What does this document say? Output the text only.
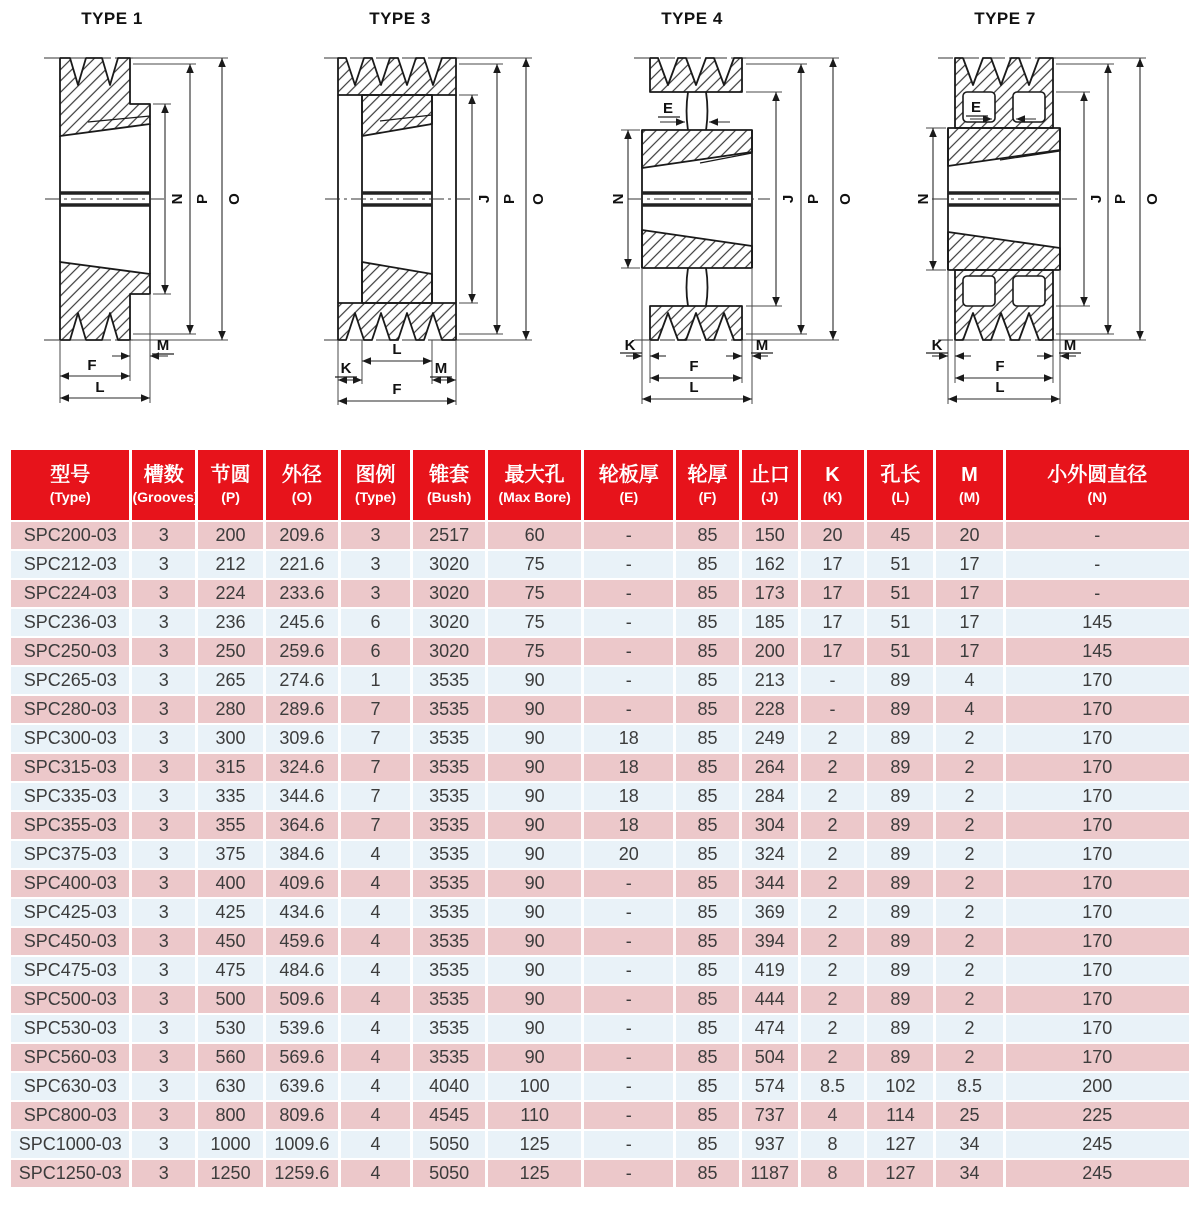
TYPE 1
N P O
M
F
L
TYPE 3
J P O
L
K	M
F
TYPE 4
E
N	J P O
K	M
F
L
TYPE 7
E
N	J P O
K	M
F
L
型号
(Type)

槽数
(Grooves)

节圆
(P)

外径
(O)

图例
(Type)

锥套
(Bush)

最大孔
(Max Bore)

轮板厚
(E)

轮厚
(F)

止口
(J)

K
(K)

孔长
(L)

M
(M)

小外圆直径
(N)

SPC200-03	3	200	209.6	3	2517	60	-	85	150	20	45	20	-
SPC212-03	3	212	221.6	3	3020	75	-	85	162	17	51	17	-
SPC224-03	3	224	233.6	3	3020	75	-	85	173	17	51	17	-
SPC236-03	3	236	245.6	6	3020	75	-	85	185	17	51	17	145
SPC250-03	3	250	259.6	6	3020	75	-	85	200	17	51	17	145
SPC265-03	3	265	274.6	1	3535	90	-	85	213	-	89	4	170
SPC280-03	3	280	289.6	7	3535	90	-	85	228	-	89	4	170
SPC300-03	3	300	309.6	7	3535	90	18	85	249	2	89	2	170
SPC315-03	3	315	324.6	7	3535	90	18	85	264	2	89	2	170
SPC335-03	3	335	344.6	7	3535	90	18	85	284	2	89	2	170
SPC355-03	3	355	364.6	7	3535	90	18	85	304	2	89	2	170
SPC375-03	3	375	384.6	4	3535	90	20	85	324	2	89	2	170
SPC400-03	3	400	409.6	4	3535	90	-	85	344	2	89	2	170
SPC425-03	3	425	434.6	4	3535	90	-	85	369	2	89	2	170
SPC450-03	3	450	459.6	4	3535	90	-	85	394	2	89	2	170
SPC475-03	3	475	484.6	4	3535	90	-	85	419	2	89	2	170
SPC500-03	3	500	509.6	4	3535	90	-	85	444	2	89	2	170
SPC530-03	3	530	539.6	4	3535	90	-	85	474	2	89	2	170
SPC560-03	3	560	569.6	4	3535	90	-	85	504	2	89	2	170
SPC630-03	3	630	639.6	4	4040	100	-	85	574	8.5	102	8.5	200
SPC800-03	3	800	809.6	4	4545	110	-	85	737	4	114	25	225
SPC1000-03	3	1000	1009.6	4	5050	125	-	85	937	8	127	34	245
SPC1250-03	3	1250	1259.6	4	5050	125	-	85	1187	8	127	34	245
